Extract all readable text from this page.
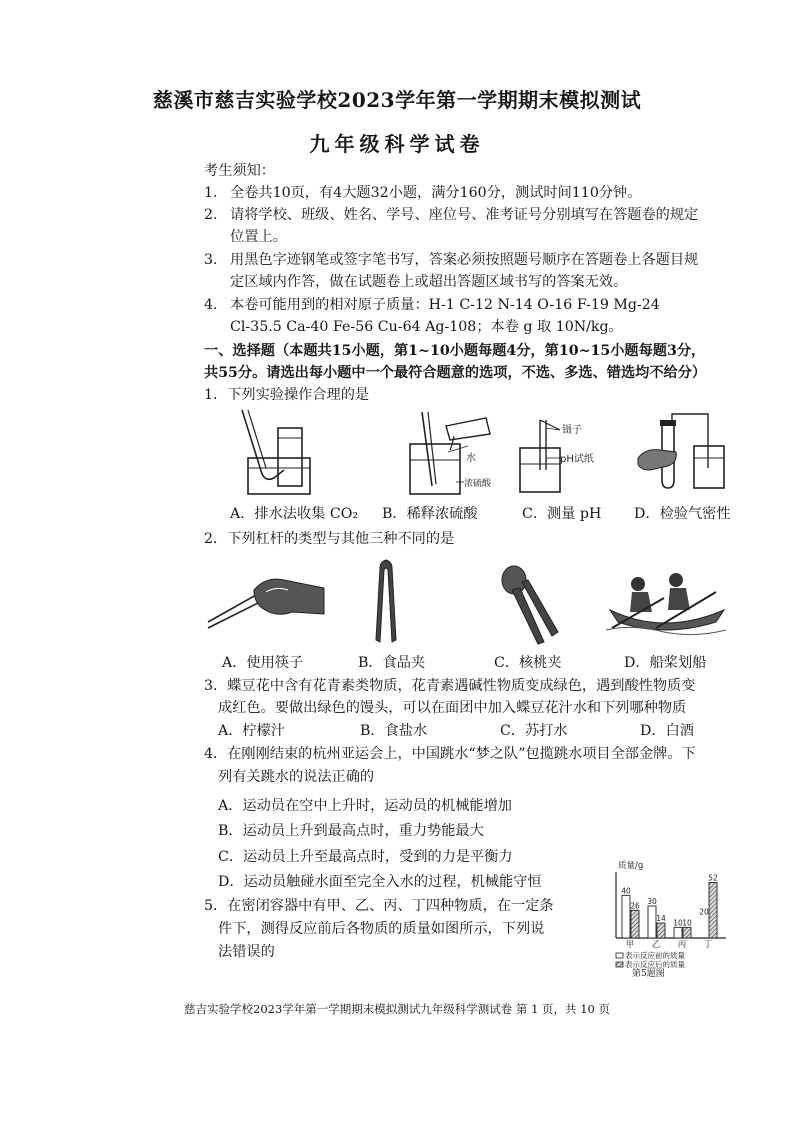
慈溪市慈吉实验学校2023学年第一学期期末模拟测试
九年级科学试卷
考生须知：
1. 全卷共10页，有4大题32小题，满分160分，测试时间110分钟。
2. 请将学校、班级、姓名、学号、座位号、准考证号分别填写在答题卷的规定
位置上。
3. 用黑色字迹钢笔或签字笔书写，答案必须按照题号顺序在答题卷上各题目规
定区域内作答，做在试题卷上或超出答题区域书写的答案无效。
4. 本卷可能用到的相对原子质量：H-1 C-12 N-14 O-16 F-19 Mg-24
Cl-35.5 Ca-40 Fe-56 Cu-64 Ag-108；本卷 g 取 10N/kg。
一、选择题（本题共15小题，第1~10小题每题4分，第10~15小题每题3分，
共55分。请选出每小题中一个最符合题意的选项，不选、多选、错选均不给分）
1．下列实验操作合理的是
水
浓硫酸
镊子
pH试纸
A．排水法收集 CO₂ B．稀释浓硫酸	C．测量 pH D．检验气密性
2．下列杠杆的类型与其他三种不同的是
A．使用筷子	B．食品夹	C．核桃夹	D．船桨划船
3．蝶豆花中含有花青素类物质，花青素遇碱性物质变成绿色，遇到酸性物质变
成红色。要做出绿色的馒头，可以在面团中加入蝶豆花汁水和下列哪种物质
A．柠檬汁	B．食盐水	C．苏打水	D．白酒
4．在刚刚结束的杭州亚运会上，中国跳水“梦之队”包揽跳水项目全部金牌。下
列有关跳水的说法正确的
A．运动员在空中上升时，运动员的机械能增加
B．运动员上升到最高点时，重力势能最大
C．运动员上升至最高点时，受到的力是平衡力
D．运动员触碰水面至完全入水的过程，机械能守恒
5．在密闭容器中有甲、乙、丙、丁四种物质，在一定条
件下，测得反应前后各物质的质量如图所示，下列说
法错误的
质量/g
40
26 30
14 10 10
20
52
甲 乙 丙 丁
表示反应前的质量
表示反应后的质量
第5题图
慈吉实验学校2023学年第一学期期末模拟测试九年级科学测试卷 第 1 页，共 10 页
